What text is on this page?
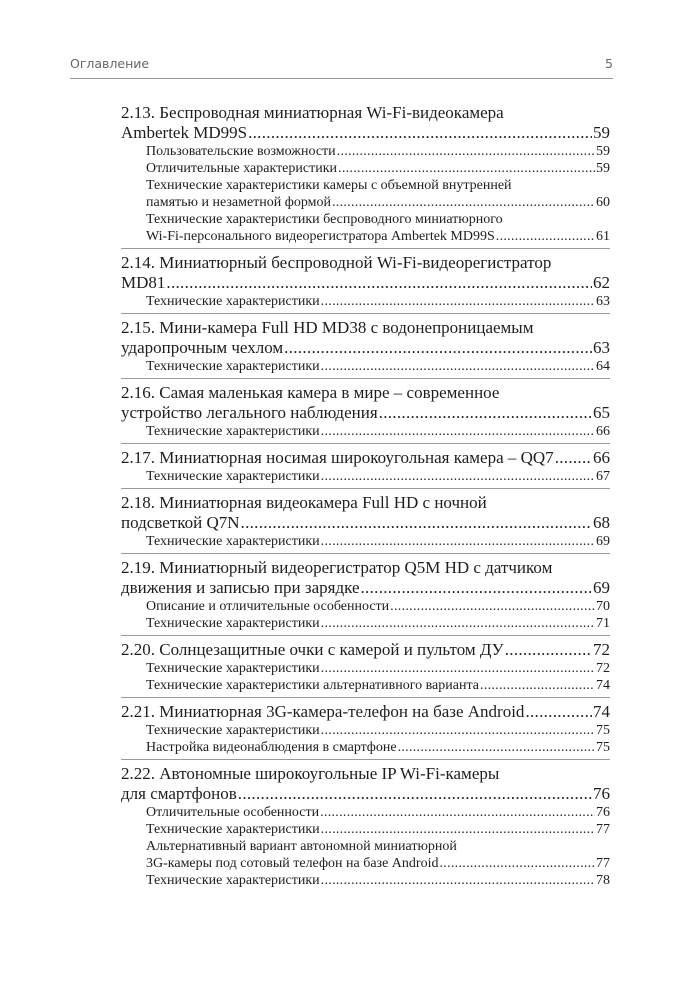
Оглавление	5
2.13. Беспроводная миниатюрная Wi-Fi-видеокамера
Ambertek MD99S .....	59
Пользовательские возможности .....	59
Отличительные характеристики .....	59
Технические характеристики камеры с объемной внутренней
памятью и незаметной формой .....	60
Технические характеристики беспроводного миниатюрного
Wi-Fi-персонального видеорегистратора Ambertek MD99S .....	61
2.14. Миниатюрный беспроводной Wi-Fi-видеорегистратор
MD81 .....	62
Технические характеристики .....	63
2.15. Мини-камера Full HD MD38 с водонепроницаемым
ударопрочным чехлом .....	63
Технические характеристики .....	64
2.16. Самая маленькая камера в мире – современное
устройство легального наблюдения .....	65
Технические характеристики .....	66
2.17. Миниатюрная носимая широкоугольная камера – QQ7 ..... 66
Технические характеристики .....	67
2.18. Миниатюрная видеокамера Full HD с ночной
подсветкой Q7N .....	68
Технические характеристики .....	69
2.19. Миниатюрный видеорегистратор Q5M HD с датчиком
движения и записью при зарядке .....	69
Описание и отличительные особенности .....	70
Технические характеристики .....	71
2.20. Солнцезащитные очки с камерой и пультом ДУ .....	72
Технические характеристики .....	72
Технические характеристики альтернативного варианта .....	74
2.21. Миниатюрная 3G-камера-телефон на базе Android .....	74
Технические характеристики .....	75
Настройка видеонаблюдения в смартфоне .....	75
2.22. Автономные широкоугольные IP Wi-Fi-камеры
для смартфонов .....	76
Отличительные особенности .....	76
Технические характеристики .....	77
Альтернативный вариант автономной миниатюрной
3G-камеры под сотовый телефон на базе Android .....	77
Технические характеристики .....	78
